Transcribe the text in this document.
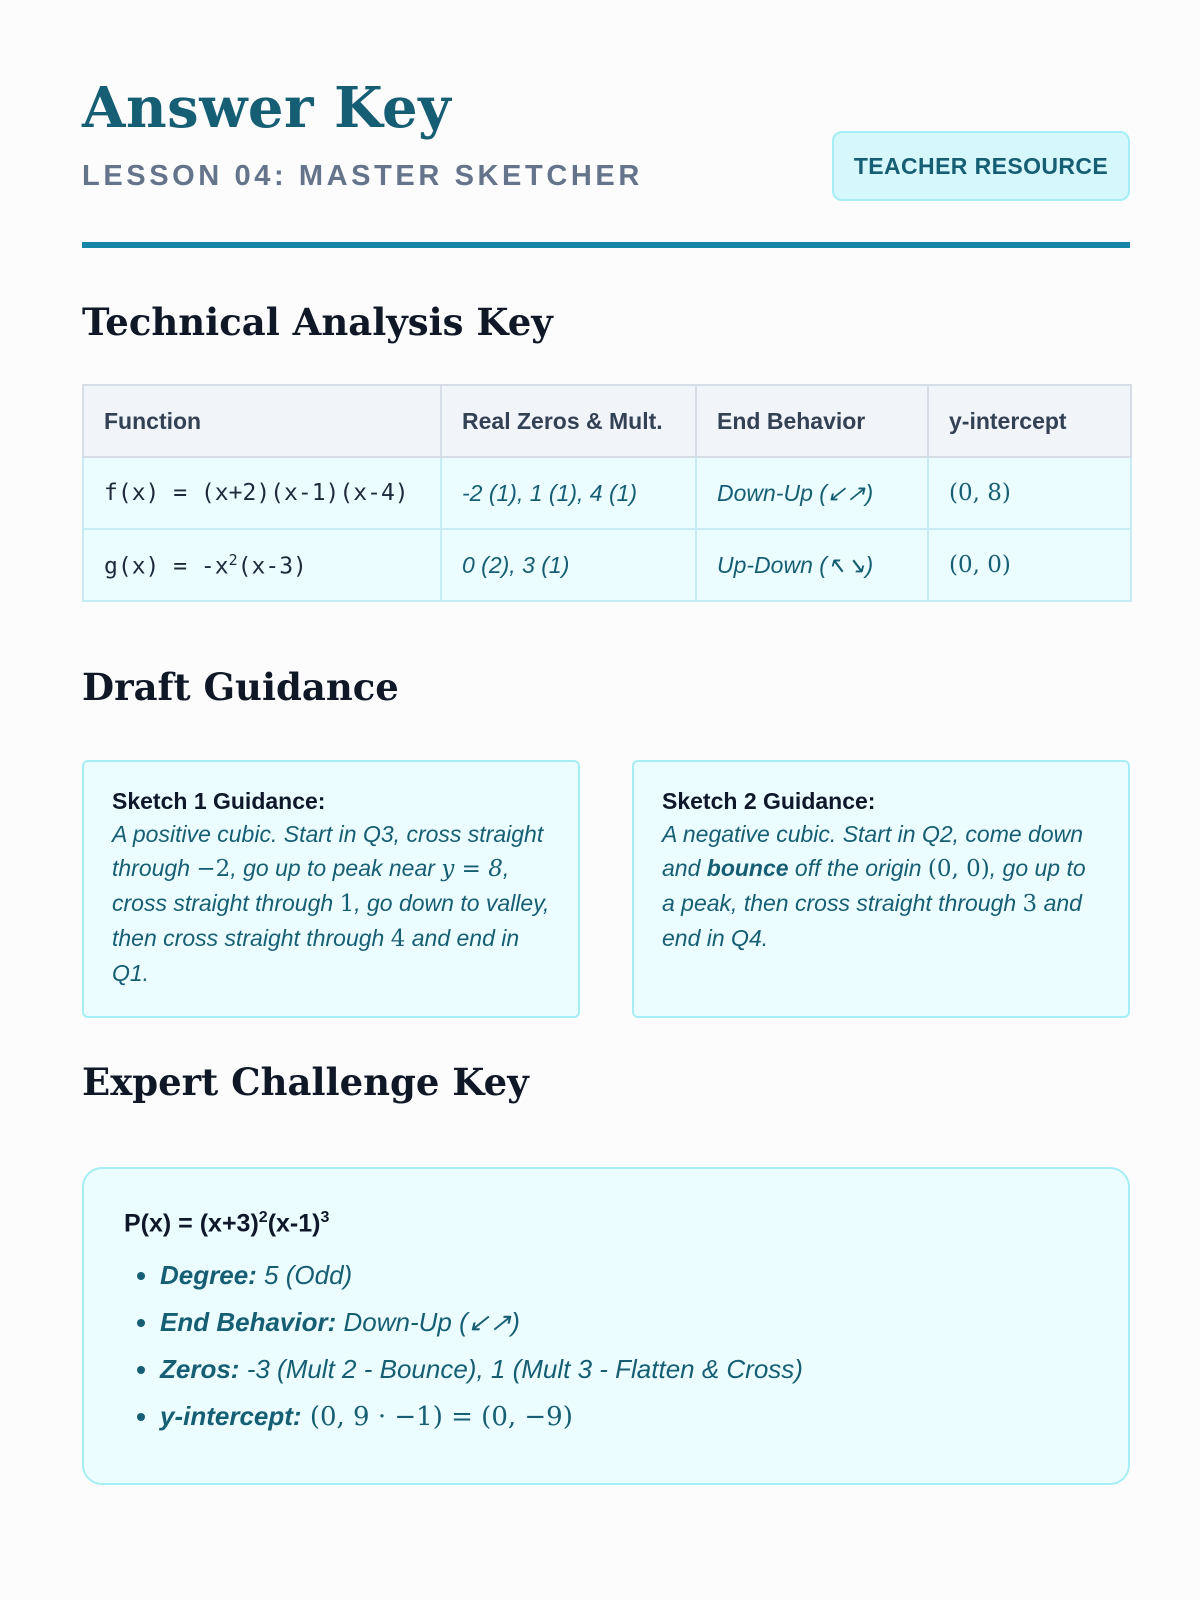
Answer Key
LESSON 04: MASTER SKETCHER	TEACHER RESOURCE
Technical Analysis Key
Function	Real Zeros & Mult.	End Behavior	y-intercept
f(x) = (x+2)(x-1)(x-4)	-2 (1), 1 (1), 4 (1)	Down-Up (↙↗)	(0, 8)
$g(x) = -x^2(x-3)$	0 (2), 3 (1)	Up-Down (↖↘)	(0, 0)
Draft Guidance
Sketch 1 Guidance:

A positive cubic. Start in Q3, cross straight through −2, go up to peak near y = 8, cross straight through 1, go down to valley, then cross straight through 4 and end in Q1.

Sketch 2 Guidance:

A negative cubic. Start in Q2, come down and bounce off the origin (0, 0), go up to a peak, then cross straight through 3 and end in Q4.

Expert Challenge Key
$P(x) = (x+3)^2(x-1)^3$
• Degree: 5 (Odd)
• End Behavior: Down-Up (↙↗)
• Zeros: -3 (Mult 2 - Bounce), 1 (Mult 3 - Flatten & Cross)
• y-intercept: (0, 9 · −1) = (0, −9)
